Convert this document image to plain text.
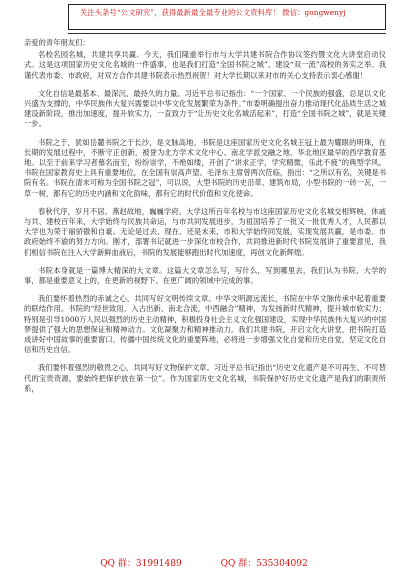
关注头条号“公文研究”，获得最新最全最专业的公文资料库！ 微信：gongwenyj

亲爱的青年朋友们：

名校名园名城，共建共享共赢。今天，我们隆重举行市与大学共建书院合作协议签约暨文化大讲堂启动仪式。这是这项国家历史文化名城的一件盛事，也是我们打造“全国书院之城”、建设“双一流”高校的务实之举。我谨代表市委、市政府，对双方合作共建书院表示热烈祝贺！对大学长期以来对市的关心支持表示衷心感谢！

文化自信是最基本、最深沉、最持久的力量。习近平总书记指出：“一个国家、一个民族的强盛，总是以文化兴盛为支撑的，中华民族伟大复兴需要以中华文化发展繁荣为条件。”市委明确提出奋力推动现代化品质生活之城建设新阶段，推出加速度，提升软实力，一直致力于“让历史文化名城活起来”，打造“全国书院之城”，就是关键一步。

书院之于，犹如岳麓书院之于长沙，是文脉高地。书院是这座国家历史文化名城王冠上最为耀眼的明珠，在长期的发展过程中，不断守正创新，被誉为北方学术文化中心、南北学派交融之地、华北地区最早的西学教育基地。以至于前来学习者慕名而至，纷纷崇学，不绝如缕，开创了“讲求正学，学究精微，乐此不疲”的典型学风。书院在国家教育史上具有重要地位，在全国有崇高声望。毛泽东主席曾两次莅临，指出：“之所以有名，关键是书院有名。书院在清末可称为全国书院之冠”，可以说，大型书院的历史沿革、建筑布局，小型书院的一砖一瓦，一草一树，都有它的历史内涵和文化韵味，都有它的时代价值和文化使命。

春秋代序，岁月不居。燕赵故地，巍巍学府。大学这所百年名校与市这座国家历史文化名城交相辉映、休戚与共、建校百年来，大学始终与民族共命运，与市共同发展进步，为祖国培养了一批又一批优秀人才，人民都以大学也为荣于丽骄傲和自豪。无论是过去、现在、还是未来，市和大学始终同发展，实现发展共赢，是市委、市政府始终不渝的努力方向。刚才，部署书记就进一步深化市校合作，共同推进新时代书院发展讲了重要意见，我们相信书院在注入大学新鲜血液后，书院的发展能够跑出时代加速度，再创文化新辉煌。

书院本身就是一篇博大精深的大文章。这篇大文章怎么写，写什么，写到哪里去，我们认为书院、大学的事，都是重要意义上的，在更新的视野下、在更广阔的领域中完成的事。

我们要怀着热烈的赤诚之心，共同写好文明传续文章。中华文明源远流长，书院在中华文脉传承中起着重要的联结作用。书院的“经世致用、入古出新、南北合流，中西融合”精神，为发扬新时代精神，提升城市软实力；特别是引导1000万人民以强烈的历史主动精神，积极投身社会主义文化强国建设，实现中华民族伟大复兴的中国梦提供了强大的思想保证和精神动力。文化凝聚力和精神推动力。我们共建书院，开启文化大讲堂，把书院打造成讲好中国故事的重要窗口、传播中国传统文化的重要阵地，必将进一步增强文化自觉和历史自觉，坚定文化自信和历史自信。

我们要怀着强烈的敬畏之心，共同写好文物保护文章。习近平总书记指出“历史文化遗产是不可再生、不可替代的宝贵资源，要始终把保护放在第一位”。作为国家历史文化名城，书院保护好历史文化遗产是我们的职责所系，

QQ 群：31991489	QQ 群：535304092
